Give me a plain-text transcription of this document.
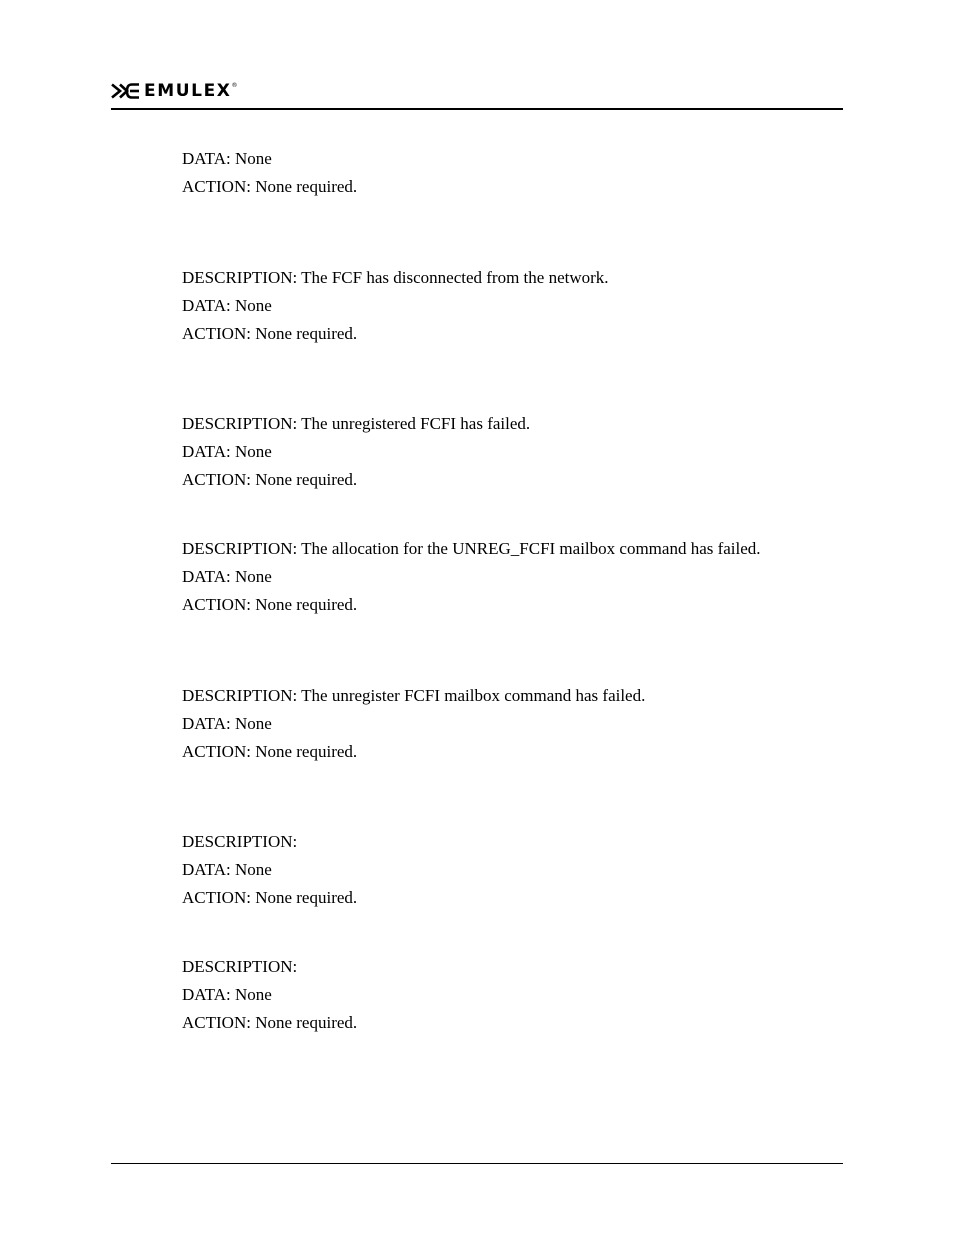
EMULEX ®
DATA: None
ACTION: None required.
DESCRIPTION: The FCF has disconnected from the network.
DATA: None
ACTION: None required.
DESCRIPTION: The unregistered FCFI has failed.
DATA: None
ACTION: None required.
DESCRIPTION: The allocation for the UNREG_FCFI mailbox command has failed.
DATA: None
ACTION: None required.
DESCRIPTION: The unregister FCFI mailbox command has failed.
DATA: None
ACTION: None required.
DESCRIPTION:
DATA: None
ACTION: None required.
DESCRIPTION:
DATA: None
ACTION: None required.
